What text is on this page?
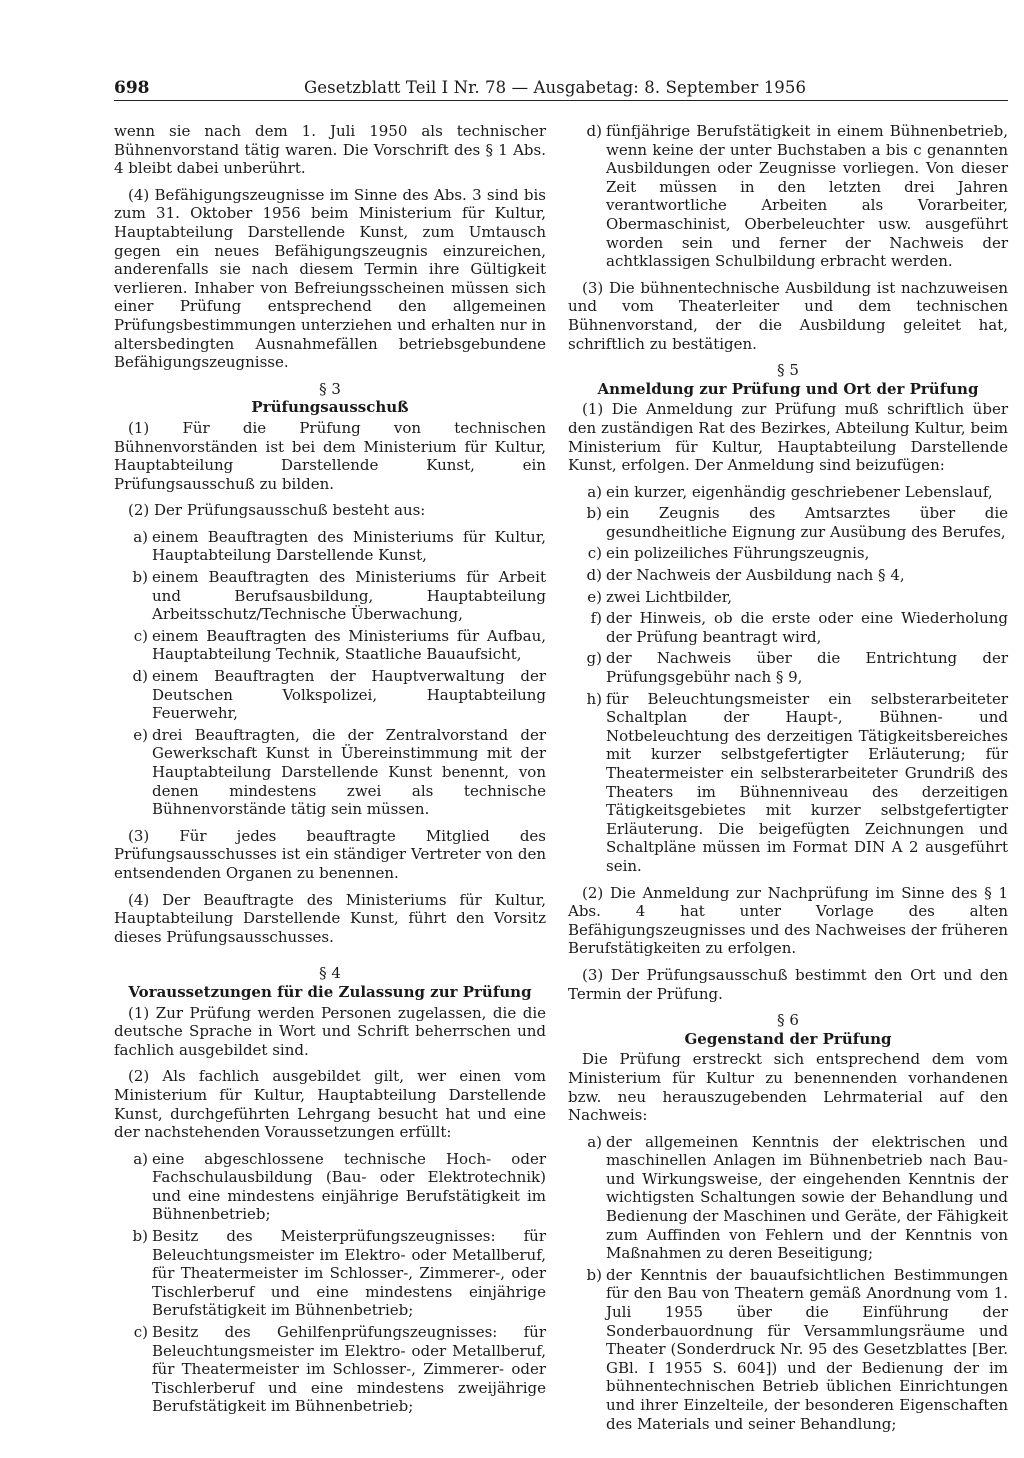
698	Gesetzblatt Teil I Nr. 78 — Ausgabetag: 8. September 1956

wenn sie nach dem 1. Juli 1950 als technischer Bühnenvorstand tätig waren. Die Vorschrift des § 1 Abs. 4 bleibt dabei unberührt.

(4) Befähigungszeugnisse im Sinne des Abs. 3 sind bis zum 31. Oktober 1956 beim Ministerium für Kultur, Hauptabteilung Darstellende Kunst, zum Umtausch gegen ein neues Befähigungszeugnis einzureichen, anderenfalls sie nach diesem Termin ihre Gültigkeit verlieren. Inhaber von Befreiungsscheinen müssen sich einer Prüfung entsprechend den allgemeinen Prüfungsbestimmungen unterziehen und erhalten nur in altersbedingten Ausnahmefällen betriebsgebundene Befähigungszeugnisse.

§ 3
Prüfungsausschuß

(1) Für die Prüfung von technischen Bühnenvorständen ist bei dem Ministerium für Kultur, Hauptabteilung Darstellende Kunst, ein Prüfungsausschuß zu bilden.

(2) Der Prüfungsausschuß besteht aus:

a) einem Beauftragten des Ministeriums für Kultur, Hauptabteilung Darstellende Kunst,
b) einem Beauftragten des Ministeriums für Arbeit und Berufsausbildung, Hauptabteilung Arbeitsschutz/Technische Überwachung,
c) einem Beauftragten des Ministeriums für Aufbau, Hauptabteilung Technik, Staatliche Bauaufsicht,
d) einem Beauftragten der Hauptverwaltung der Deutschen Volkspolizei, Hauptabteilung Feuerwehr,
e) drei Beauftragten, die der Zentralvorstand der Gewerkschaft Kunst in Übereinstimmung mit der Hauptabteilung Darstellende Kunst benennt, von denen mindestens zwei als technische Bühnenvorstände tätig sein müssen.

(3) Für jedes beauftragte Mitglied des Prüfungsausschusses ist ein ständiger Vertreter von den entsendenden Organen zu benennen.

(4) Der Beauftragte des Ministeriums für Kultur, Hauptabteilung Darstellende Kunst, führt den Vorsitz dieses Prüfungsausschusses.

§ 4
Voraussetzungen für die Zulassung zur Prüfung

(1) Zur Prüfung werden Personen zugelassen, die die deutsche Sprache in Wort und Schrift beherrschen und fachlich ausgebildet sind.

(2) Als fachlich ausgebildet gilt, wer einen vom Ministerium für Kultur, Hauptabteilung Darstellende Kunst, durchgeführten Lehrgang besucht hat und eine der nachstehenden Voraussetzungen erfüllt:

a) eine abgeschlossene technische Hoch- oder Fachschulausbildung (Bau- oder Elektrotechnik) und eine mindestens einjährige Berufstätigkeit im Bühnenbetrieb;
b) Besitz des Meisterprüfungszeugnisses: für Beleuchtungsmeister im Elektro- oder Metallberuf, für Theatermeister im Schlosser-, Zimmerer-, oder Tischlerberuf und eine mindestens einjährige Berufstätigkeit im Bühnenbetrieb;
c) Besitz des Gehilfenprüfungszeugnisses: für Beleuchtungsmeister im Elektro- oder Metallberuf, für Theatermeister im Schlosser-, Zimmerer- oder Tischlerberuf und eine mindestens zweijährige Berufstätigkeit im Bühnenbetrieb;
d) fünfjährige Berufstätigkeit in einem Bühnenbetrieb, wenn keine der unter Buchstaben a bis c genannten Ausbildungen oder Zeugnisse vorliegen. Von dieser Zeit müssen in den letzten drei Jahren verantwortliche Arbeiten als Vorarbeiter, Obermaschinist, Oberbeleuchter usw. ausgeführt worden sein und ferner der Nachweis der achtklassigen Schulbildung erbracht werden.

(3) Die bühnentechnische Ausbildung ist nachzuweisen und vom Theaterleiter und dem technischen Bühnenvorstand, der die Ausbildung geleitet hat, schriftlich zu bestätigen.

§ 5
Anmeldung zur Prüfung und Ort der Prüfung

(1) Die Anmeldung zur Prüfung muß schriftlich über den zuständigen Rat des Bezirkes, Abteilung Kultur, beim Ministerium für Kultur, Hauptabteilung Darstellende Kunst, erfolgen. Der Anmeldung sind beizufügen:

a) ein kurzer, eigenhändig geschriebener Lebenslauf,
b) ein Zeugnis des Amtsarztes über die gesundheitliche Eignung zur Ausübung des Berufes,
c) ein polizeiliches Führungszeugnis,
d) der Nachweis der Ausbildung nach § 4,
e) zwei Lichtbilder,
f) der Hinweis, ob die erste oder eine Wiederholung der Prüfung beantragt wird,
g) der Nachweis über die Entrichtung der Prüfungsgebühr nach § 9,
h) für Beleuchtungsmeister ein selbsterarbeiteter Schaltplan der Haupt-, Bühnen- und Notbeleuchtung des derzeitigen Tätigkeitsbereiches mit kurzer selbstgefertigter Erläuterung; für Theatermeister ein selbsterarbeiteter Grundriß des Theaters im Bühnenniveau des derzeitigen Tätigkeitsgebietes mit kurzer selbstgefertigter Erläuterung. Die beigefügten Zeichnungen und Schaltpläne müssen im Format DIN A 2 ausgeführt sein.

(2) Die Anmeldung zur Nachprüfung im Sinne des § 1 Abs. 4 hat unter Vorlage des alten Befähigungszeugnisses und des Nachweises der früheren Berufstätigkeiten zu erfolgen.

(3) Der Prüfungsausschuß bestimmt den Ort und den Termin der Prüfung.

§ 6
Gegenstand der Prüfung

Die Prüfung erstreckt sich entsprechend dem vom Ministerium für Kultur zu benennenden vorhandenen bzw. neu herauszugebenden Lehrmaterial auf den Nachweis:

a) der allgemeinen Kenntnis der elektrischen und maschinellen Anlagen im Bühnenbetrieb nach Bau- und Wirkungsweise, der eingehenden Kenntnis der wichtigsten Schaltungen sowie der Behandlung und Bedienung der Maschinen und Geräte, der Fähigkeit zum Auffinden von Fehlern und der Kenntnis von Maßnahmen zu deren Beseitigung;
b) der Kenntnis der bauaufsichtlichen Bestimmungen für den Bau von Theatern gemäß Anordnung vom 1. Juli 1955 über die Einführung der Sonderbauordnung für Versammlungsräume und Theater (Sonderdruck Nr. 95 des Gesetzblattes [Ber. GBl. I 1955 S. 604]) und der Bedienung der im bühnentechnischen Betrieb üblichen Einrichtungen und ihrer Einzelteile, der besonderen Eigenschaften des Materials und seiner Behandlung;
